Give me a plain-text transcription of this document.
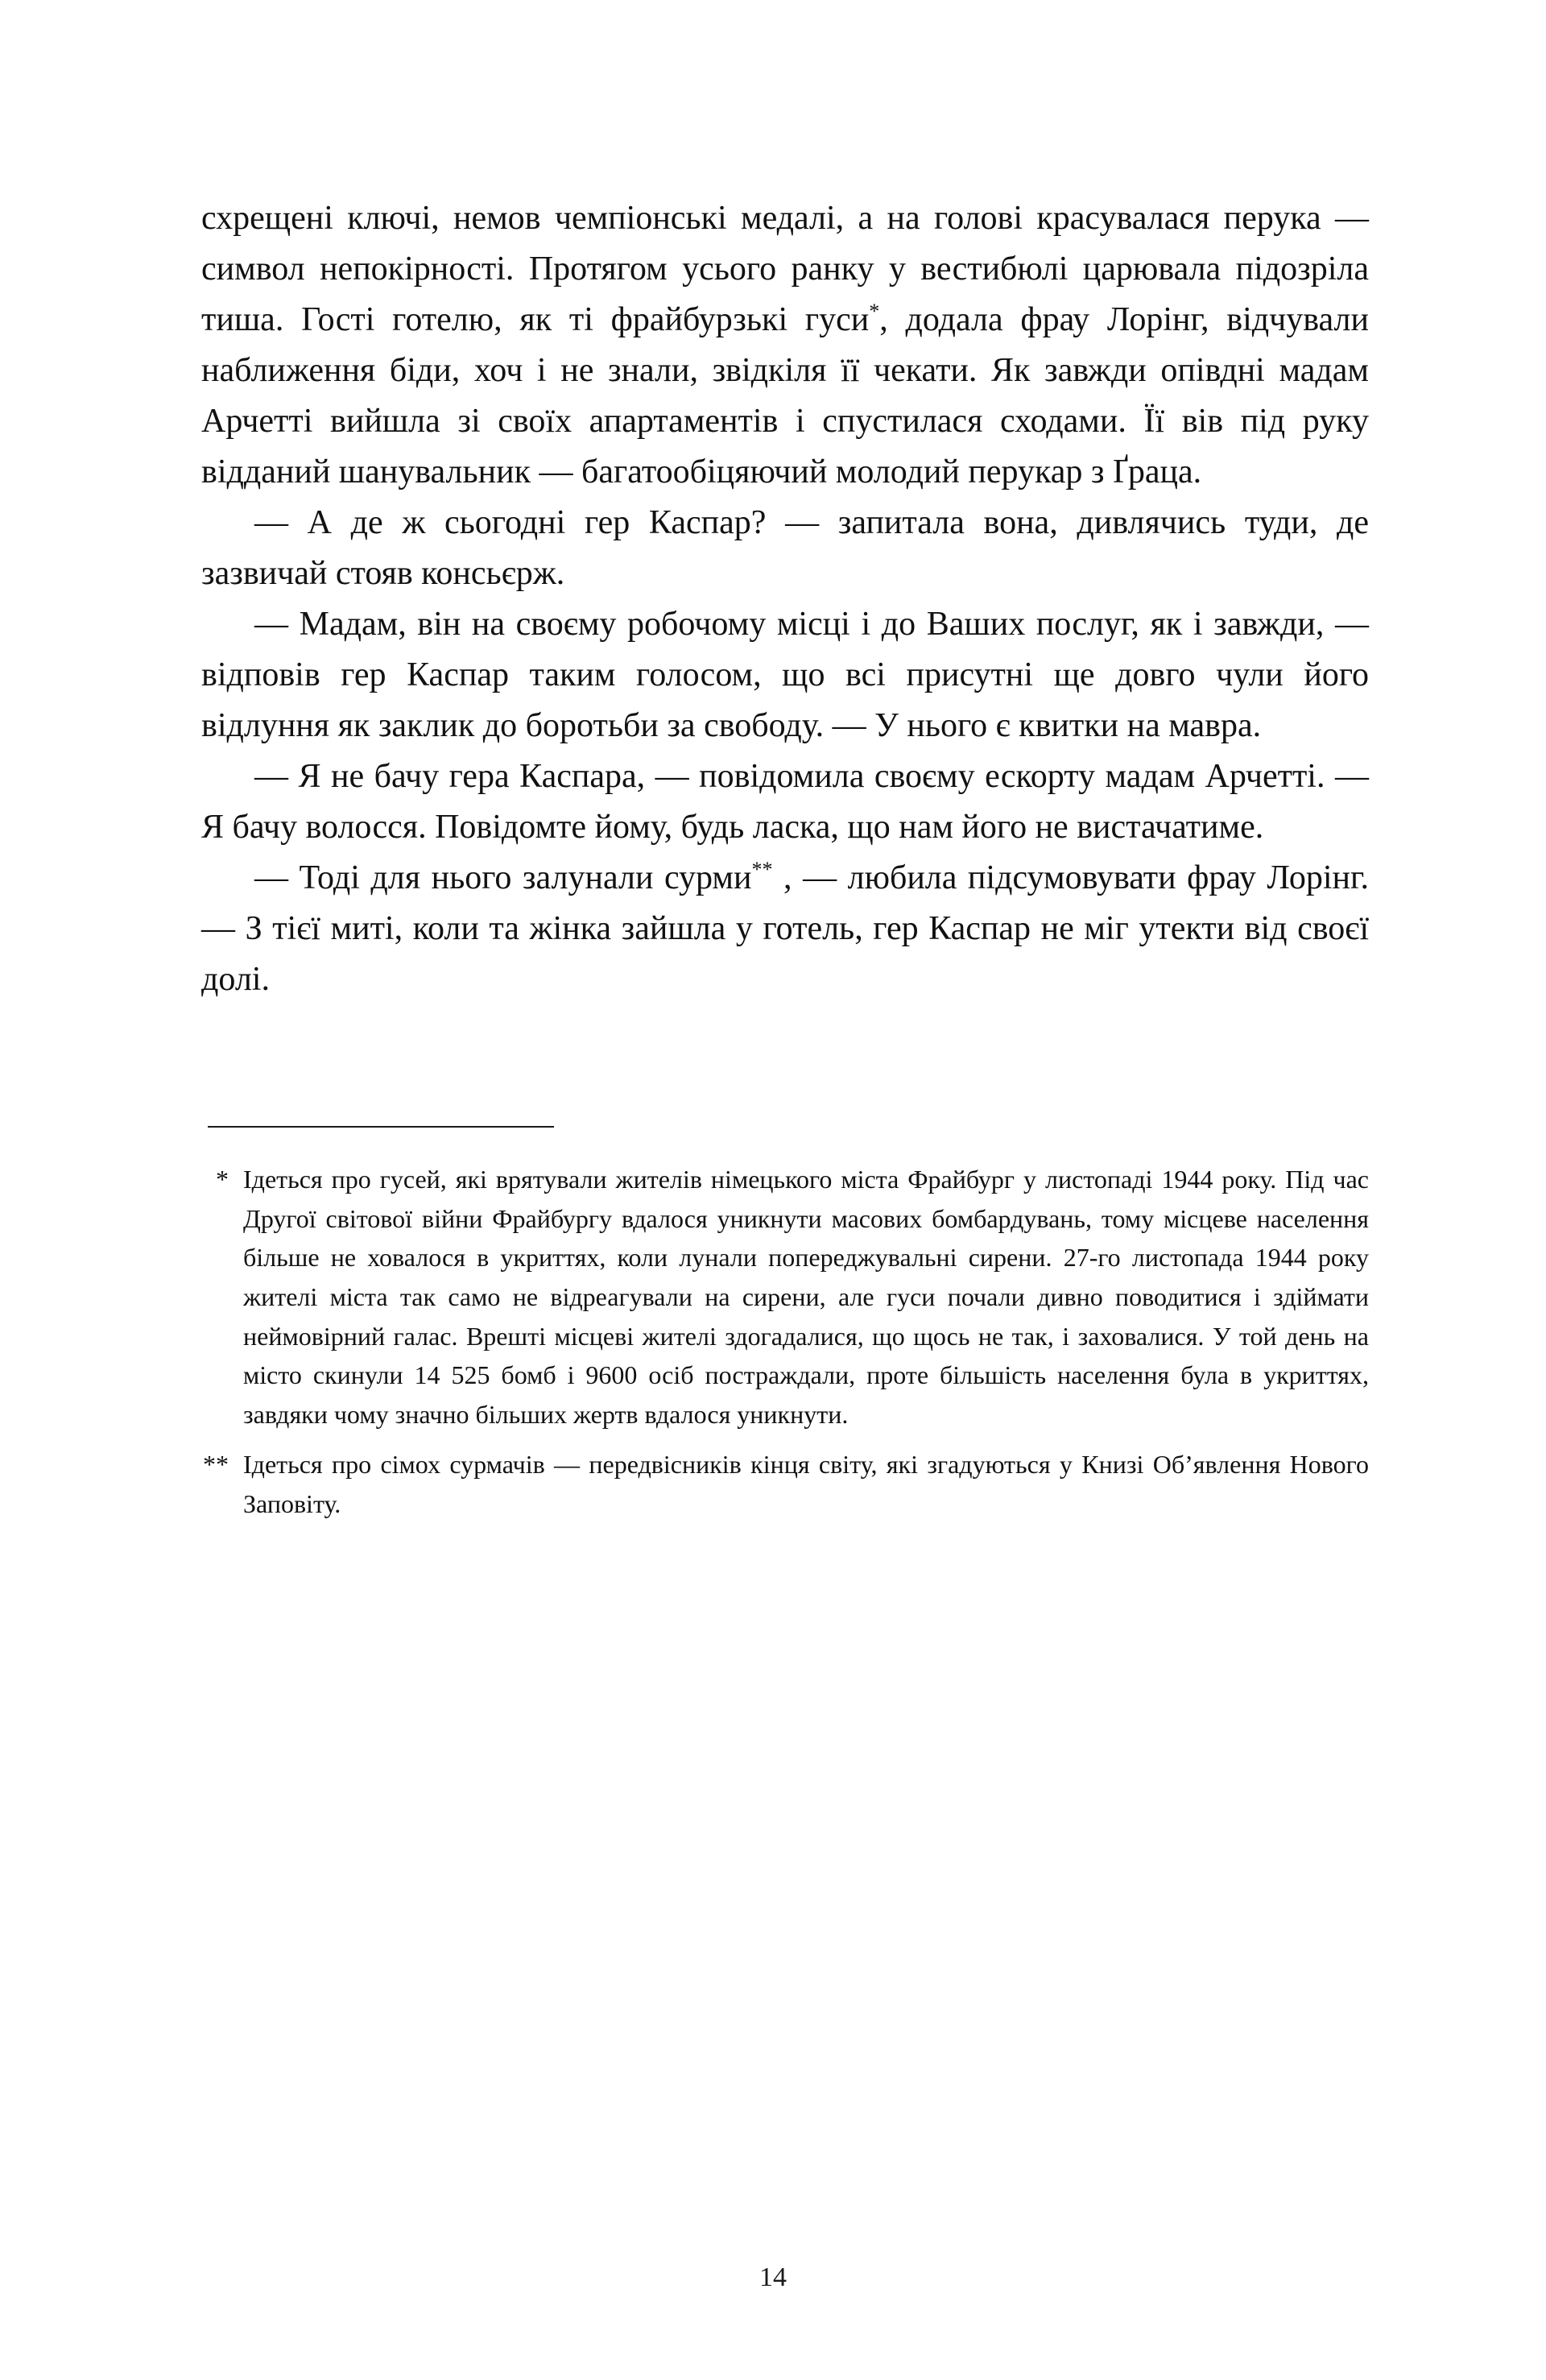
схрещені ключі, немов чемпіонські медалі, а на голові красувалася перука — символ непокірності. Протягом усього ранку у вестибюлі царювала підозріла тиша. Гості готелю, як ті фрайбурзькі гуси*, додала фрау Лорінг, відчували наближення біди, хоч і не знали, звідкіля її чекати. Як завжди опівдні мадам Арчетті вийшла зі своїх апартаментів і спустилася сходами. Її вів під руку відданий шанувальник — багатообіцяючий молодий перукар з Ґраца.

— А де ж сьогодні гер Каспар? — запитала вона, дивлячись туди, де зазвичай стояв консьєрж.

— Мадам, він на своєму робочому місці і до Ваших послуг, як і завжди, — відповів гер Каспар таким голосом, що всі присутні ще довго чули його відлуння як заклик до боротьби за свободу. — У нього є квитки на мавра.

— Я не бачу гера Каспара, — повідомила своєму ескорту мадам Арчетті. — Я бачу волосся. Повідомте йому, будь ласка, що нам його не вистачатиме.

— Тоді для нього залунали сурми** , — любила підсумовувати фрау Лорінг. — З тієї миті, коли та жінка зайшла у готель, гер Каспар не міг утекти від своєї долі.

* Ідеться про гусей, які врятували жителів німецького міста Фрайбург у листопаді 1944 року. Під час Другої світової війни Фрайбургу вдалося уникнути масових бомбардувань, тому місцеве населення більше не ховалося в укриттях, коли лунали попереджувальні сирени. 27-го листопада 1944 року жителі міста так само не відреагували на сирени, але гуси почали дивно поводитися і здіймати неймовірний галас. Врешті місцеві жителі здогадалися, що щось не так, і заховалися. У той день на місто скинули 14 525 бомб і 9600 осіб постраждали, проте більшість населення була в укриттях, завдяки чому значно більших жертв вдалося уникнути.
** Ідеться про сімох сурмачів — передвісників кінця світу, які згадуються у Книзі Об’явлення Нового Заповіту.
14
